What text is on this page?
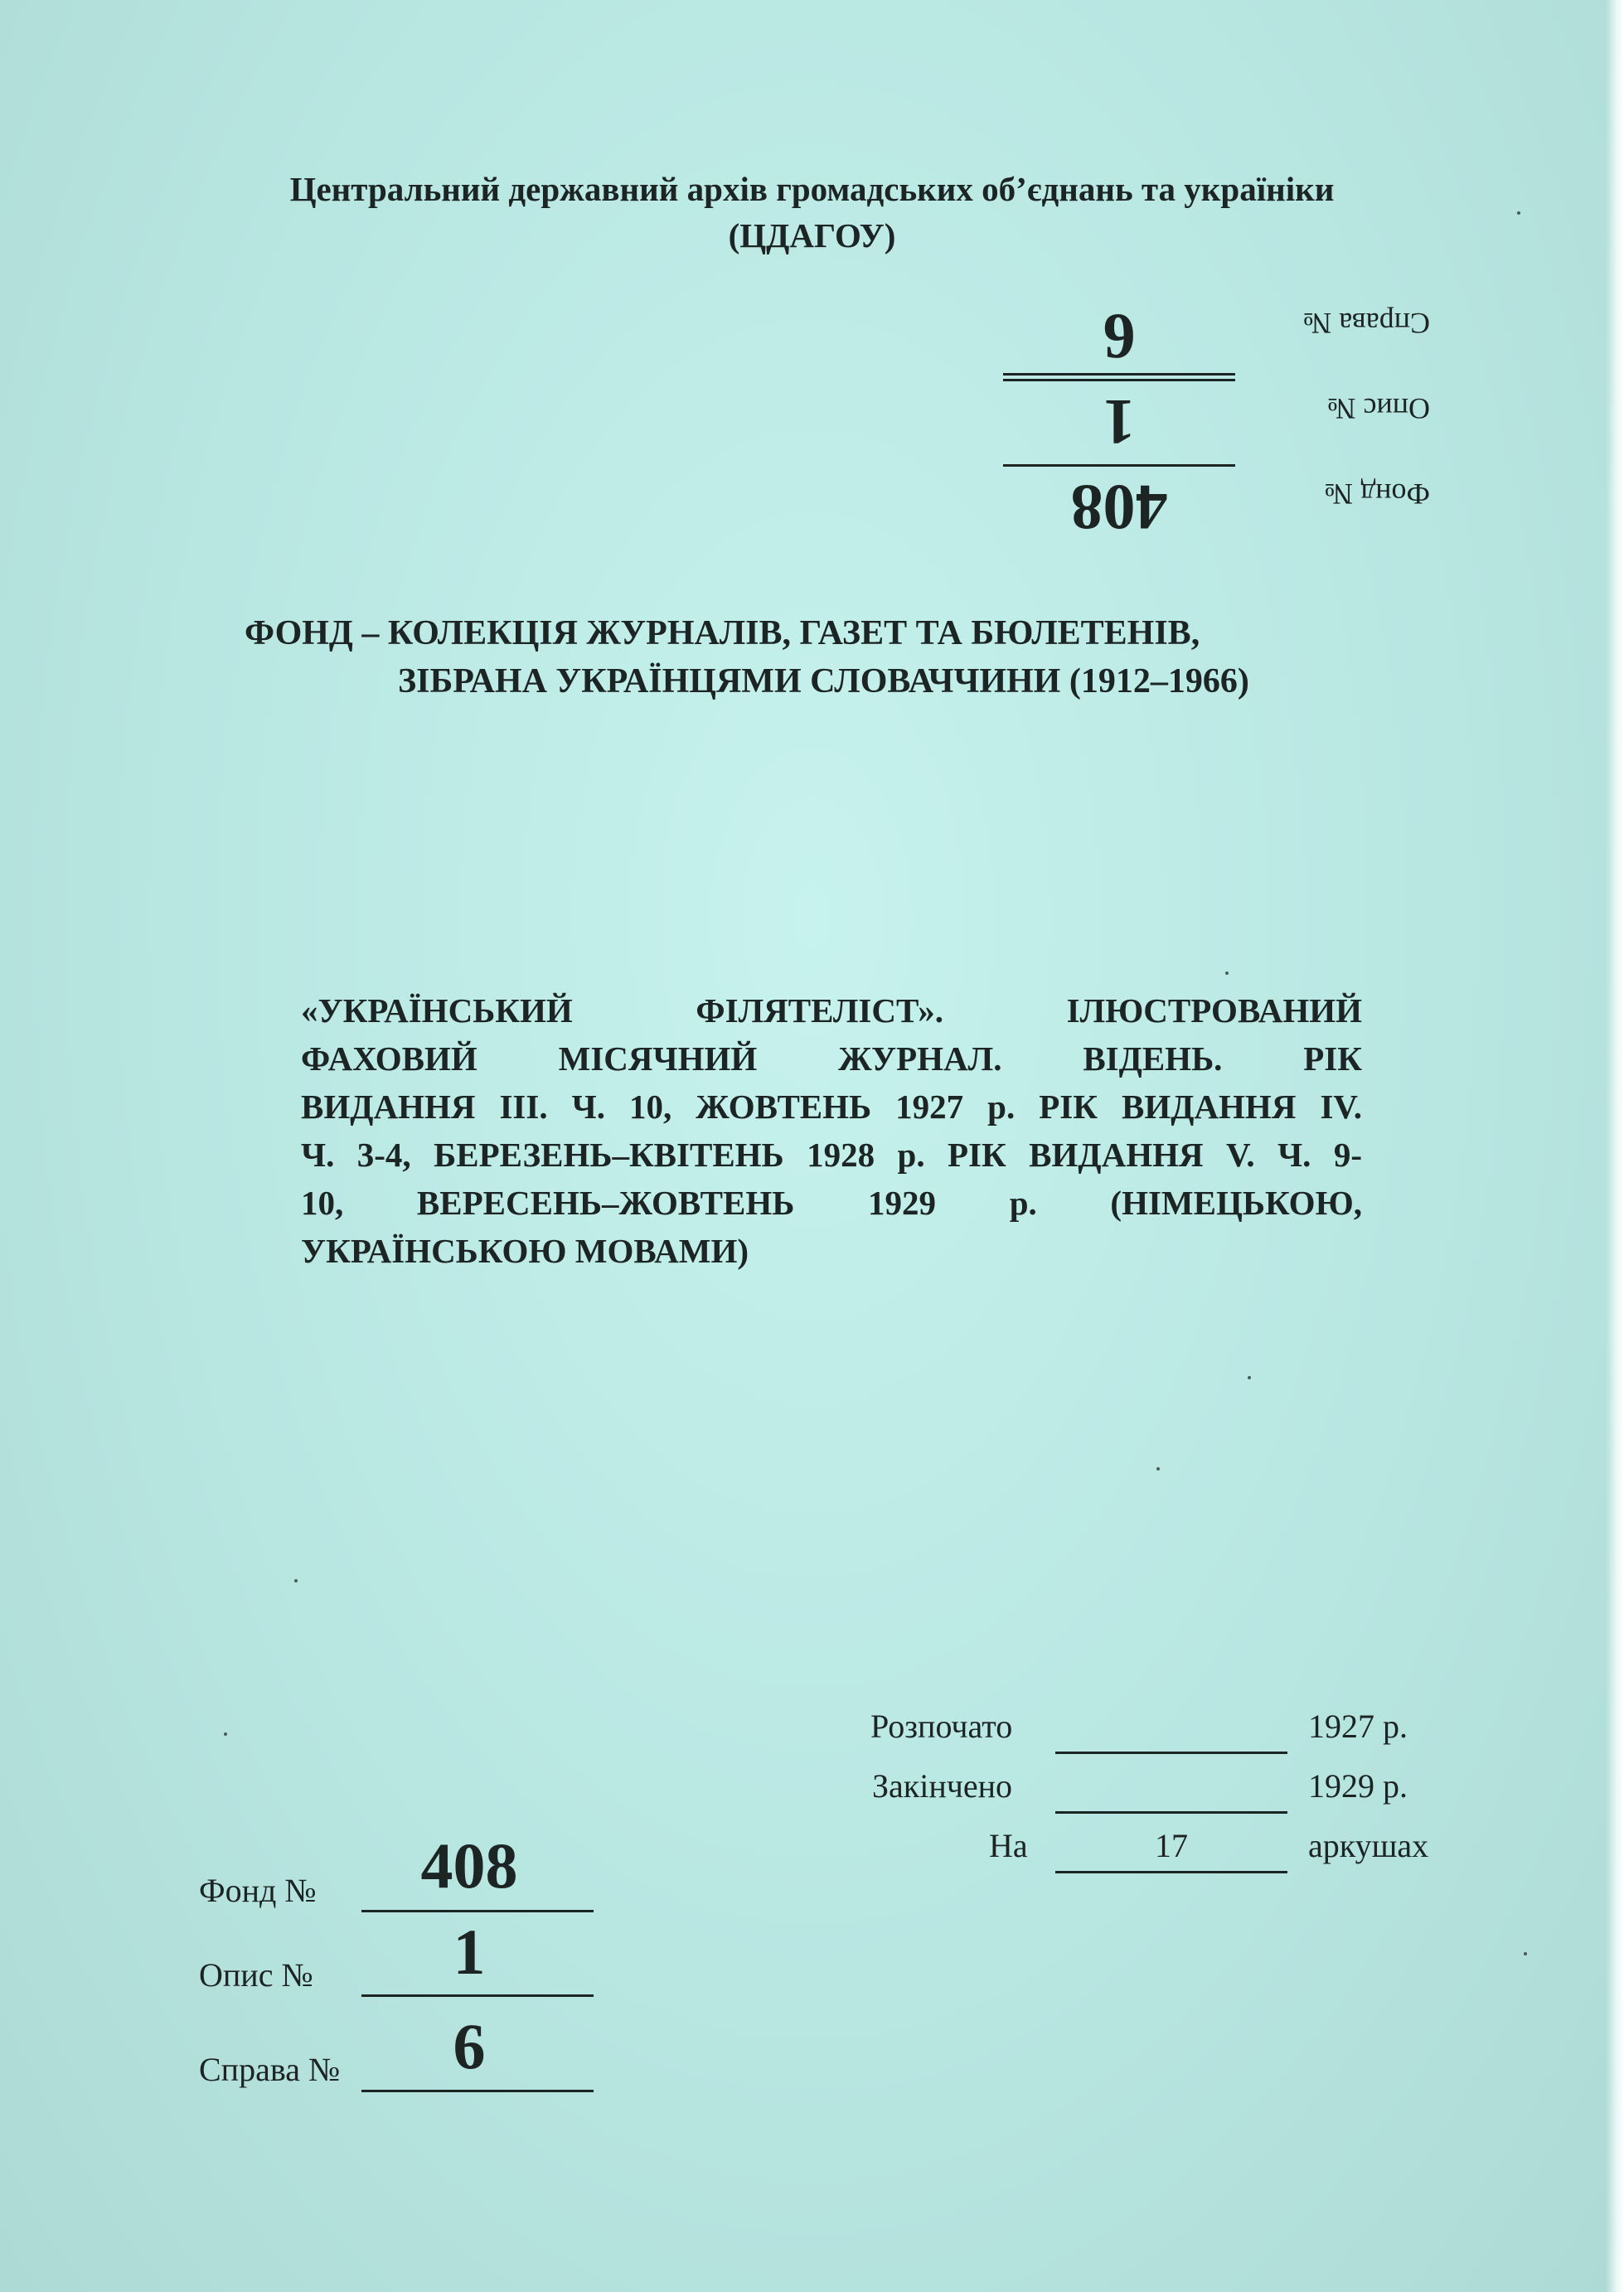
Центральний державний архів громадських об’єднань та україніки
(ЦДАГОУ)
Фонд №
408
Опис №
1
Справа №
6
ФОНД – КОЛЕКЦІЯ ЖУРНАЛІВ, ГАЗЕТ ТА БЮЛЕТЕНІВ,
ЗІБРАНА УКРАЇНЦЯМИ СЛОВАЧЧИНИ (1912–1966)
«УКРАЇНСЬКИЙ ФІЛЯТЕЛІСТ». ІЛЮСТРОВАНИЙ
ФАХОВИЙ МІСЯЧНИЙ ЖУРНАЛ. ВІДЕНЬ. РІК
ВИДАННЯ ІІІ. Ч. 10, ЖОВТЕНЬ 1927 р. РІК ВИДАННЯ IV.
Ч. 3-4, БЕРЕЗЕНЬ–КВІТЕНЬ 1928 р. РІК ВИДАННЯ V. Ч. 9-
10, ВЕРЕСЕНЬ–ЖОВТЕНЬ 1929 р. (НІМЕЦЬКОЮ,
УКРАЇНСЬКОЮ МОВАМИ)
Розпочато	1927 р.
Закінчено	1929 р.
На	17	аркушах
Фонд №	408
Опис №	1
Справа №	6
